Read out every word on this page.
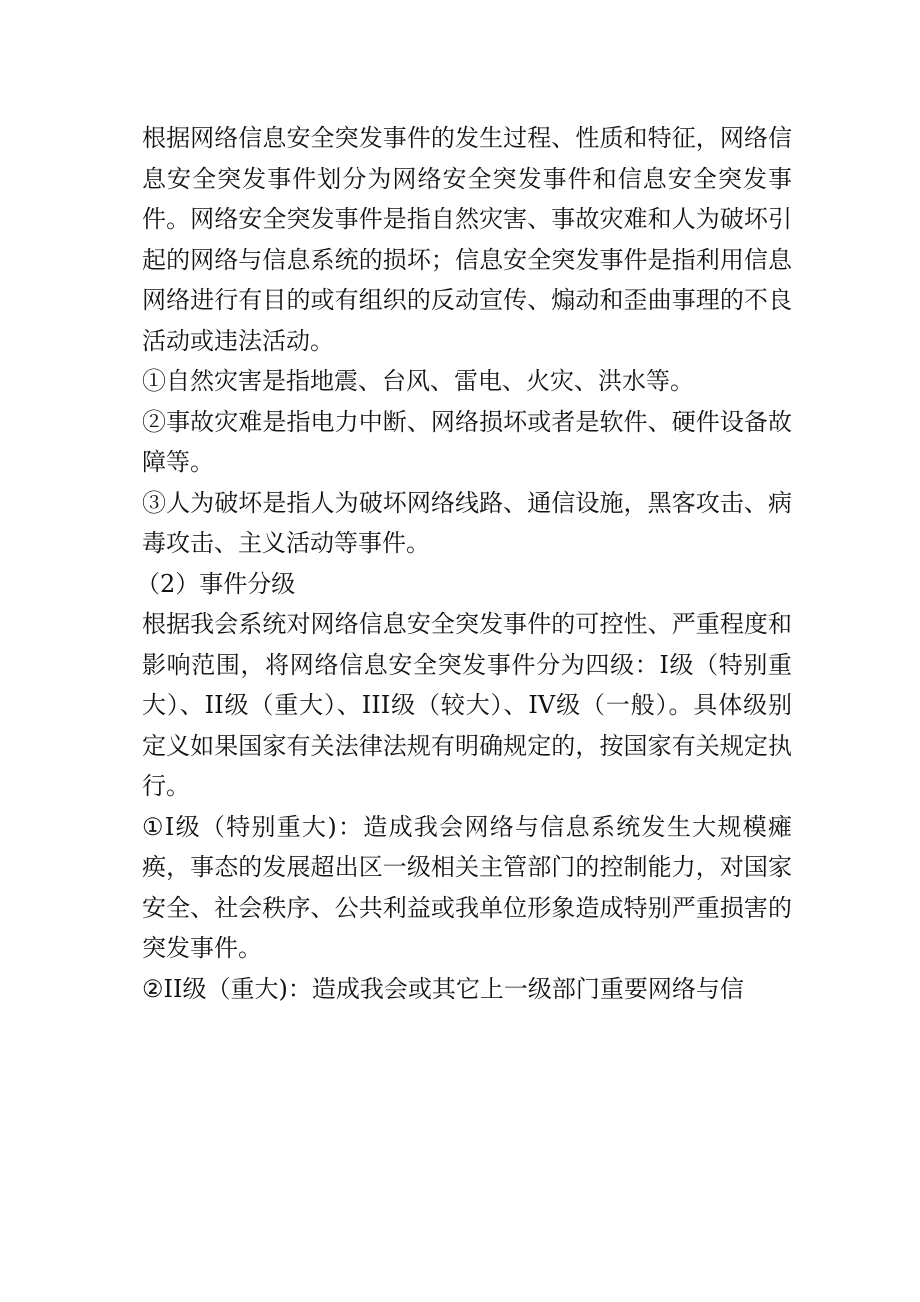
根据网络信息安全突发事件的发生过程、性质和特征，网络信息安全突发事件划分为网络安全突发事件和信息安全突发事件。网络安全突发事件是指自然灾害、事故灾难和人为破坏引起的网络与信息系统的损坏；信息安全突发事件是指利用信息网络进行有目的或有组织的反动宣传、煽动和歪曲事理的不良活动或违法活动。

①自然灾害是指地震、台风、雷电、火灾、洪水等。

②事故灾难是指电力中断、网络损坏或者是软件、硬件设备故障等。

③人为破坏是指人为破坏网络线路、通信设施，黑客攻击、病毒攻击、主义活动等事件。

（2）事件分级

根据我会系统对网络信息安全突发事件的可控性、严重程度和影响范围，将网络信息安全突发事件分为四级：I级（特别重大）、II级（重大）、III级（较大）、IV级（一般）。具体级别定义如果国家有关法律法规有明确规定的，按国家有关规定执行。

①I级（特别重大)：造成我会网络与信息系统发生大规模瘫痪，事态的发展超出区一级相关主管部门的控制能力，对国家安全、社会秩序、公共利益或我单位形象造成特别严重损害的突发事件。

②II级（重大)：造成我会或其它上一级部门重要网络与信
